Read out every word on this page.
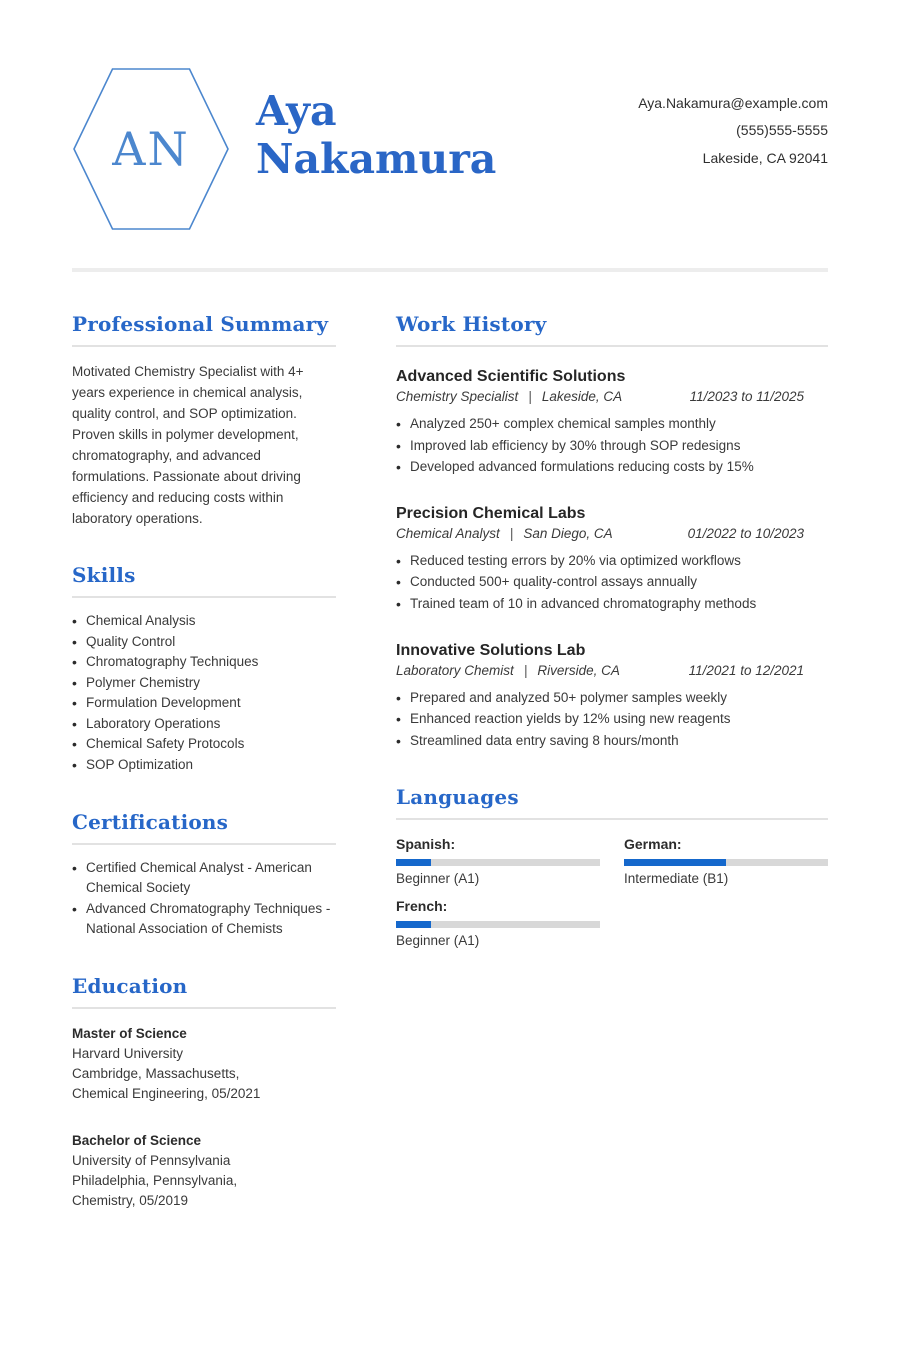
AN
Aya
Nakamura
Aya.Nakamura@example.com
(555)555-5555
Lakeside, CA 92041
Professional Summary

Motivated Chemistry Specialist with 4+ years experience in chemical analysis, quality control, and SOP optimization. Proven skills in polymer development, chromatography, and advanced formulations. Passionate about driving efficiency and reducing costs within laboratory operations.

Skills
• Chemical Analysis
• Quality Control
• Chromatography Techniques
• Polymer Chemistry
• Formulation Development
• Laboratory Operations
• Chemical Safety Protocols
• SOP Optimization
Certifications
• Certified Chemical Analyst - American Chemical Society
• Advanced Chromatography Techniques - National Association of Chemists
Education
Master of Science
Harvard University
Cambridge, Massachusetts,
Chemical Engineering, 05/2021
Bachelor of Science
University of Pennsylvania
Philadelphia, Pennsylvania,
Chemistry, 05/2019
Work History
Advanced Scientific Solutions
Chemistry Specialist | Lakeside, CA	11/2023 to 11/2025
• Analyzed 250+ complex chemical samples monthly
• Improved lab efficiency by 30% through SOP redesigns
• Developed advanced formulations reducing costs by 15%
Precision Chemical Labs
Chemical Analyst | San Diego, CA	01/2022 to 10/2023
• Reduced testing errors by 20% via optimized workflows
• Conducted 500+ quality-control assays annually
• Trained team of 10 in advanced chromatography methods
Innovative Solutions Lab
Laboratory Chemist | Riverside, CA	11/2021 to 12/2021
• Prepared and analyzed 50+ polymer samples weekly
• Enhanced reaction yields by 12% using new reagents
• Streamlined data entry saving 8 hours/month
Languages
Spanish:
Beginner (A1)
German:
Intermediate (B1)
French:
Beginner (A1)
